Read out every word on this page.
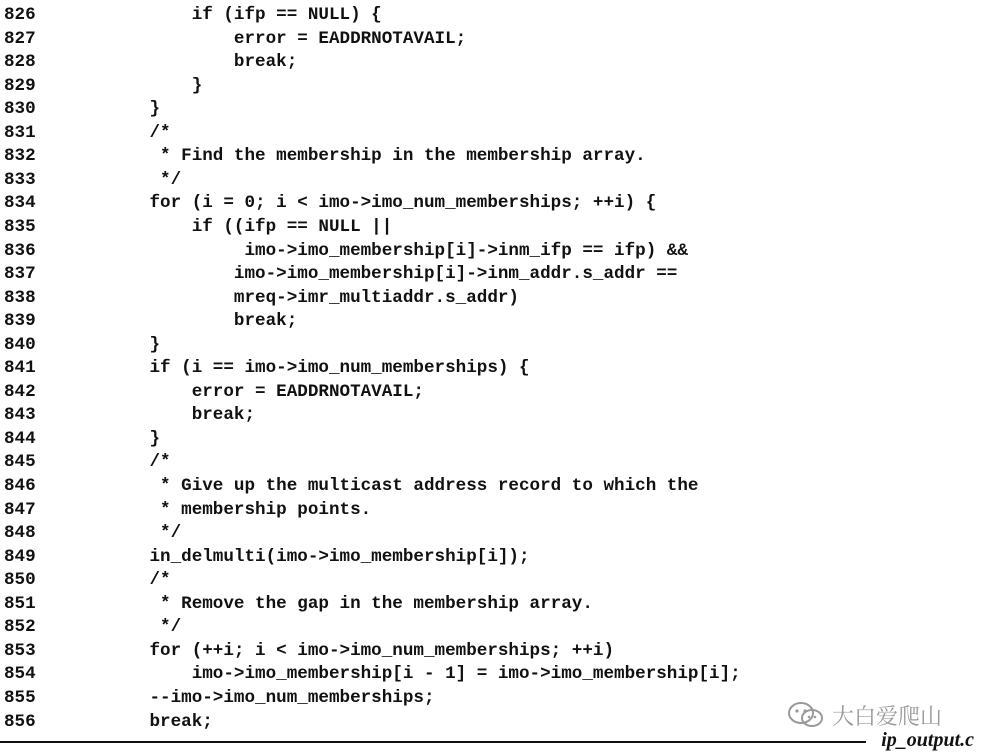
826	if (ifp == NULL) {
827	error = EADDRNOTAVAIL;
828	break;
829	}
830	}
831	/*
832	* Find the membership in the membership array.
833	*/
834	for (i = 0; i < imo->imo_num_memberships; ++i) {
835	if ((ifp == NULL ||
836	imo->imo_membership[i]->inm_ifp == ifp) &&
837	imo->imo_membership[i]->inm_addr.s_addr ==
838	mreq->imr_multiaddr.s_addr)
839	break;
840	}
841	if (i == imo->imo_num_memberships) {
842	error = EADDRNOTAVAIL;
843	break;
844	}
845	/*
846	* Give up the multicast address record to which the
847	* membership points.
848	*/
849	in_delmulti(imo->imo_membership[i]);
850	/*
851	* Remove the gap in the membership array.
852	*/
853	for (++i; i < imo->imo_num_memberships; ++i)
854	imo->imo_membership[i - 1] = imo->imo_membership[i];
855	--imo->imo_num_memberships;
856	break;
ip_output.c
大白爱爬山
